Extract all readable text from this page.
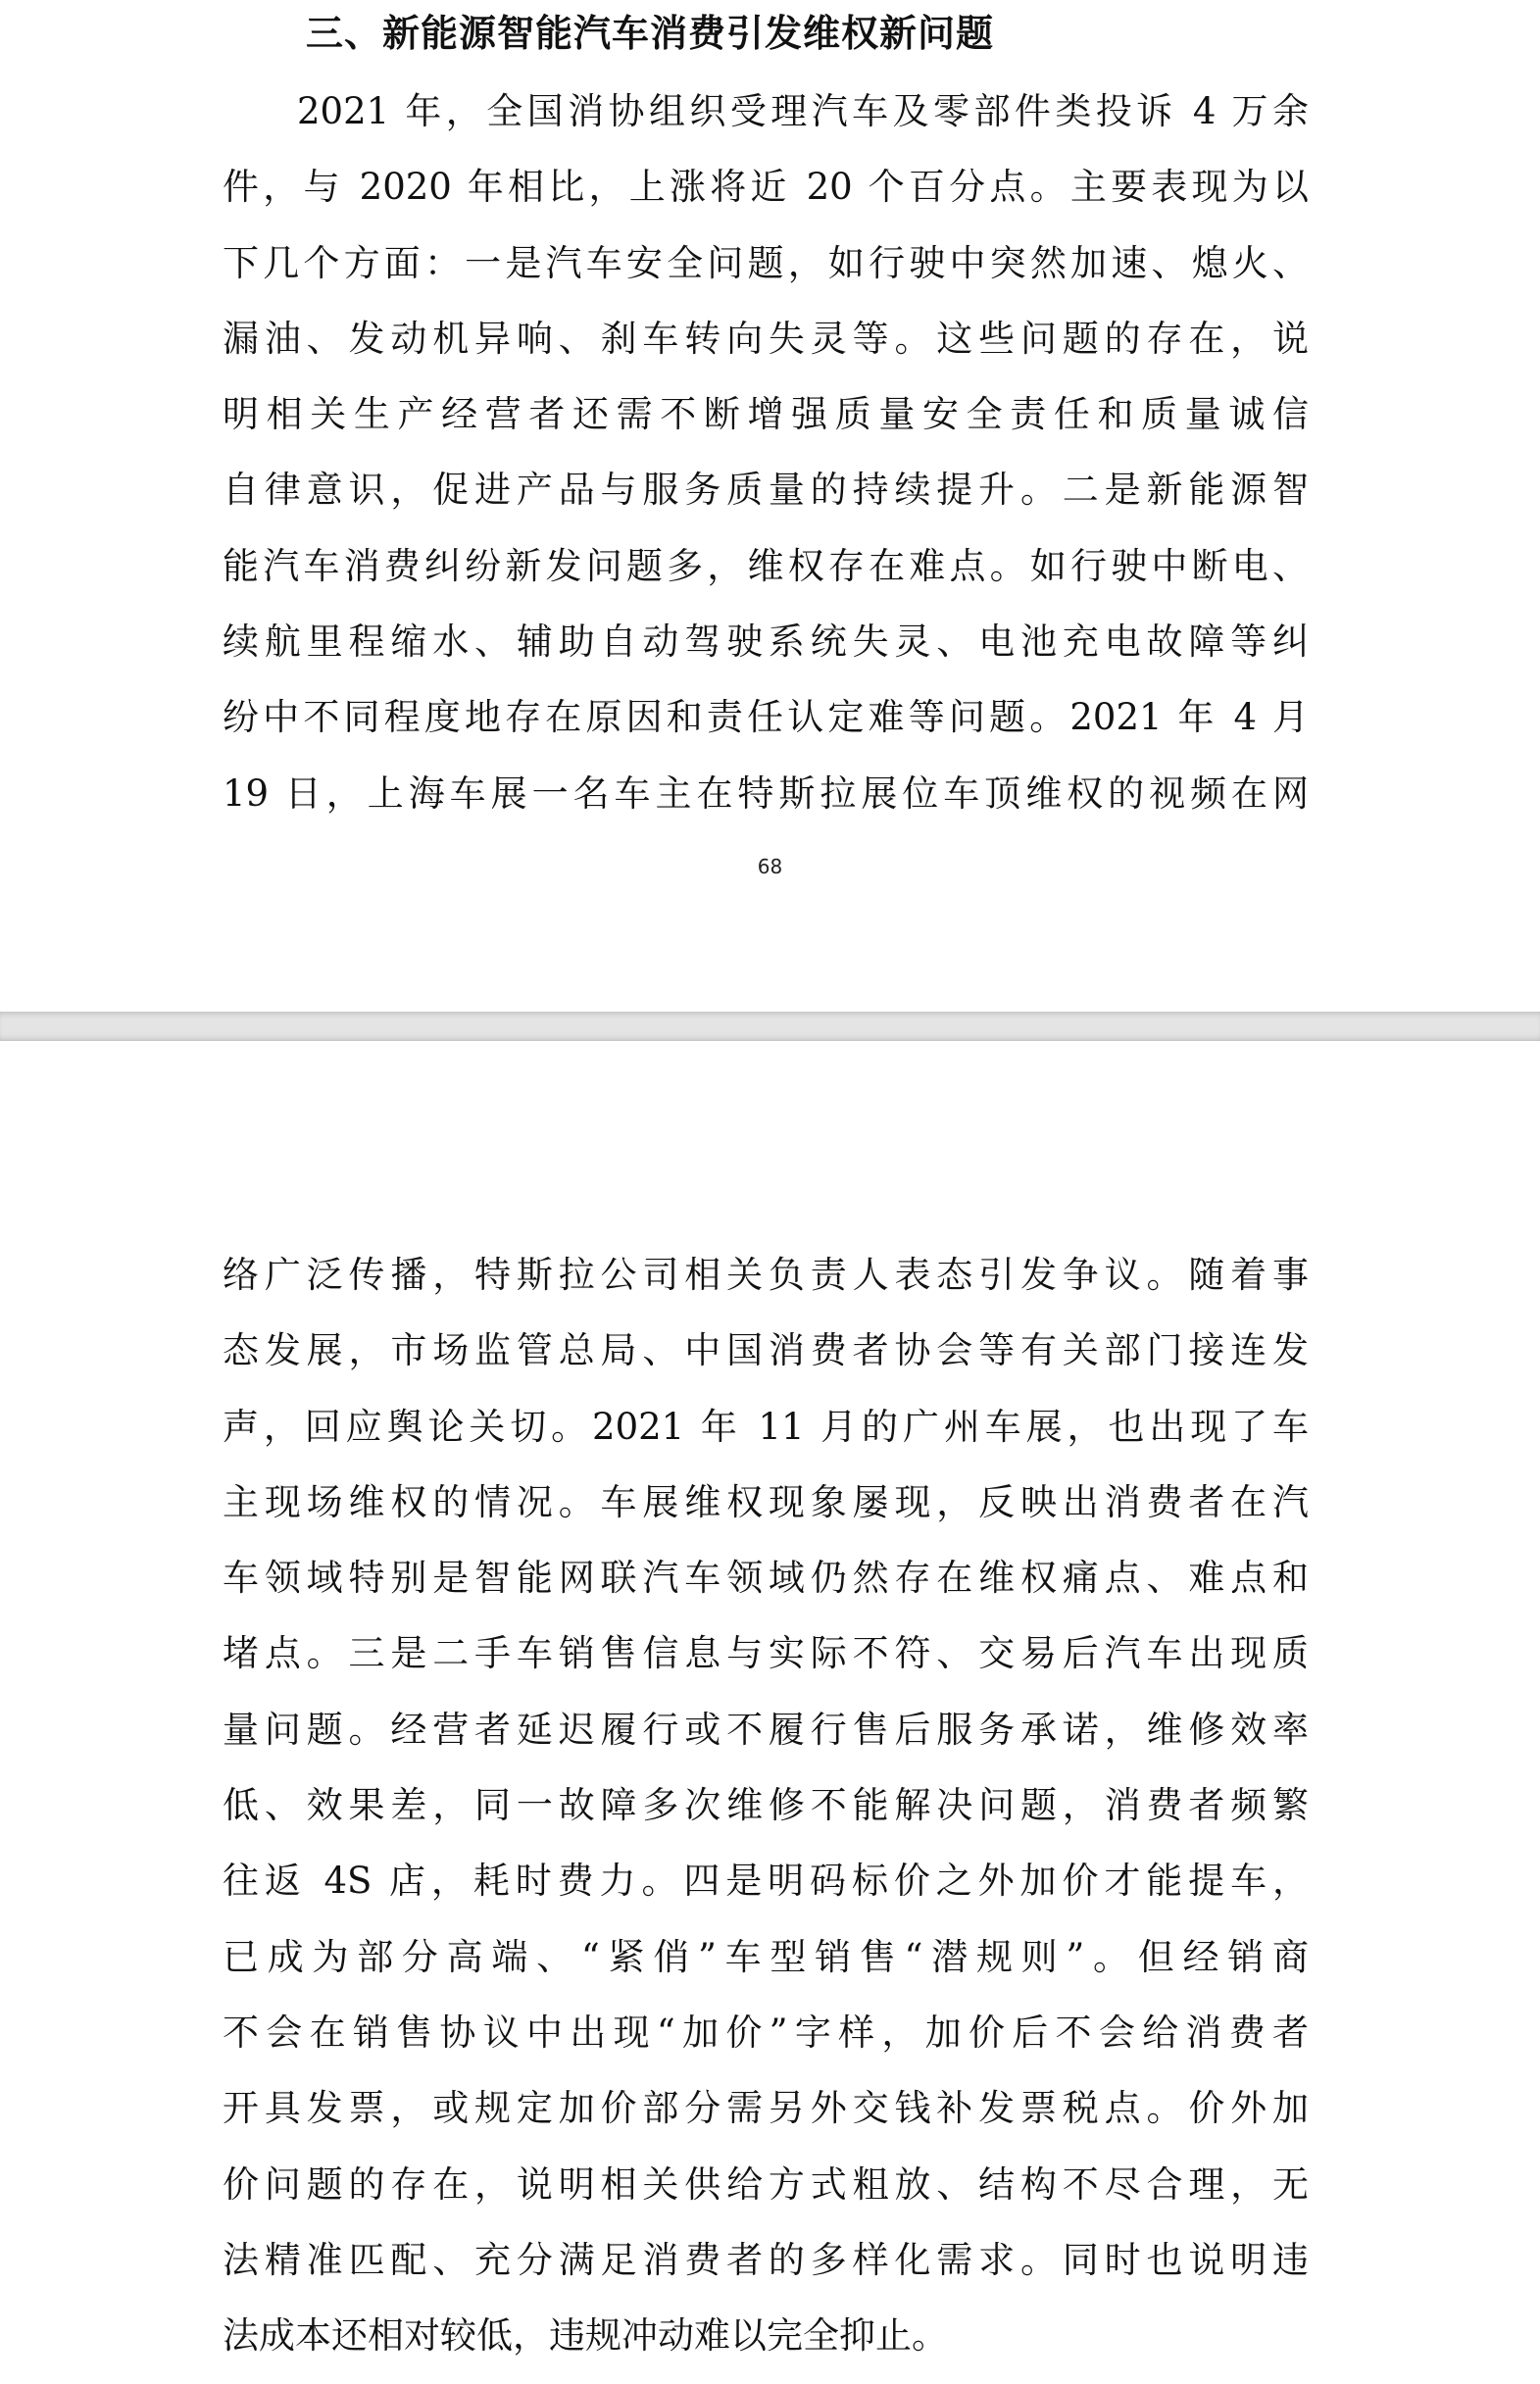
三、新能源智能汽车消费引发维权新问题
2021 年，全国消协组织受理汽车及零部件类投诉 4 万余
件，与 2020 年相比，上涨将近 20 个百分点。主要表现为以
下几个方面：一是汽车安全问题，如行驶中突然加速、熄火、
漏油、发动机异响、刹车转向失灵等。这些问题的存在，说
明相关生产经营者还需不断增强质量安全责任和质量诚信
自律意识，促进产品与服务质量的持续提升。二是新能源智
能汽车消费纠纷新发问题多，维权存在难点。如行驶中断电、
续航里程缩水、辅助自动驾驶系统失灵、电池充电故障等纠
纷中不同程度地存在原因和责任认定难等问题。2021 年 4 月
19 日，上海车展一名车主在特斯拉展位车顶维权的视频在网
68
络广泛传播，特斯拉公司相关负责人表态引发争议。随着事
态发展，市场监管总局、中国消费者协会等有关部门接连发
声，回应舆论关切。2021 年 11 月的广州车展，也出现了车
主现场维权的情况。车展维权现象屡现，反映出消费者在汽
车领域特别是智能网联汽车领域仍然存在维权痛点、难点和
堵点。三是二手车销售信息与实际不符、交易后汽车出现质
量问题。经营者延迟履行或不履行售后服务承诺，维修效率
低、效果差，同一故障多次维修不能解决问题，消费者频繁
往返 4S 店，耗时费力。四是明码标价之外加价才能提车，
已成为部分高端、“紧俏”车型销售“潜规则”。但经销商
不会在销售协议中出现“加价”字样，加价后不会给消费者
开具发票，或规定加价部分需另外交钱补发票税点。价外加
价问题的存在，说明相关供给方式粗放、结构不尽合理，无
法精准匹配、充分满足消费者的多样化需求。同时也说明违
法成本还相对较低，违规冲动难以完全抑止。
